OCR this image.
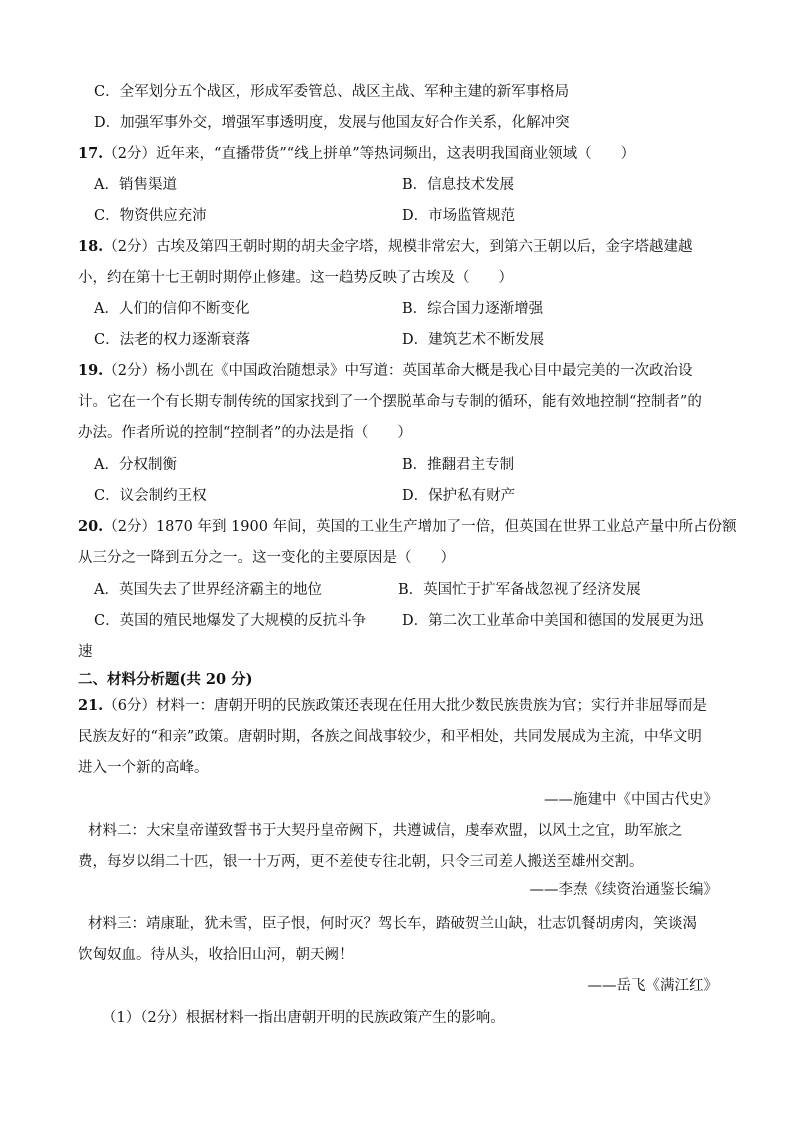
C．全军划分五个战区，形成军委管总、战区主战、军种主建的新军事格局
D．加强军事外交，增强军事透明度，发展与他国友好合作关系，化解冲突
17.（2分）近年来，“直播带货”“线上拼单”等热词频出，这表明我国商业领域（　　）
A．销售渠道	B．信息技术发展
C．物资供应充沛	D．市场监管规范
18.（2分）古埃及第四王朝时期的胡夫金字塔，规模非常宏大，到第六王朝以后，金字塔越建越
小，约在第十七王朝时期停止修建。这一趋势反映了古埃及（　　）
A．人们的信仰不断变化	B．综合国力逐渐增强
C．法老的权力逐渐衰落	D．建筑艺术不断发展
19.（2分）杨小凯在《中国政治随想录》中写道：英国革命大概是我心目中最完美的一次政治设
计。它在一个有长期专制传统的国家找到了一个摆脱革命与专制的循环，能有效地控制“控制者”的
办法。作者所说的控制“控制者”的办法是指（　　）
A．分权制衡	B．推翻君主专制
C．议会制约王权	D．保护私有财产
20.（2分）1870 年到 1900 年间，英国的工业生产增加了一倍，但英国在世界工业总产量中所占份额
从三分之一降到五分之一。这一变化的主要原因是（　　）
A．英国失去了世界经济霸主的地位	B．英国忙于扩军备战忽视了经济发展
C．英国的殖民地爆发了大规模的反抗斗争 D．第二次工业革命中美国和德国的发展更为迅
速
二、材料分析题(共 20 分)
21.（6分）材料一：唐朝开明的民族政策还表现在任用大批少数民族贵族为官；实行并非屈辱而是
民族友好的“和亲”政策。唐朝时期，各族之间战事较少，和平相处，共同发展成为主流，中华文明
进入一个新的高峰。
——施建中《中国古代史》
材料二：大宋皇帝谨致誓书于大契丹皇帝阙下，共遵诚信，虔奉欢盟，以风土之宜，助军旅之
费，每岁以绢二十匹，银一十万两，更不差使专往北朝，只令三司差人搬送至雄州交割。
——李焘《续资治通鉴长编》
材料三：靖康耻，犹未雪，臣子恨，何时灭？驾长车，踏破贺兰山缺，壮志饥餐胡虏肉，笑谈渴
饮匈奴血。待从头，收拾旧山河，朝天阙！
——岳飞《满江红》
（1）（2分）根据材料一指出唐朝开明的民族政策产生的影响。
